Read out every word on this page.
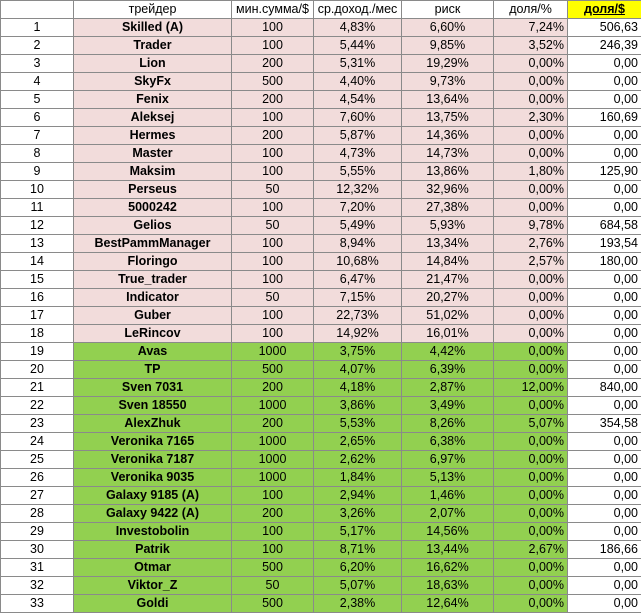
	трейдер	мин.сумма/$	ср.доход./мес	риск	доля/%	доля/$
1	Skilled (A)	100	4,83%	6,60%	7,24%	506,63
2	Trader	100	5,44%	9,85%	3,52%	246,39
3	Lion	200	5,31%	19,29%	0,00%	0,00
4	SkyFx	500	4,40%	9,73%	0,00%	0,00
5	Fenix	200	4,54%	13,64%	0,00%	0,00
6	Aleksej	100	7,60%	13,75%	2,30%	160,69
7	Hermes	200	5,87%	14,36%	0,00%	0,00
8	Master	100	4,73%	14,73%	0,00%	0,00
9	Maksim	100	5,55%	13,86%	1,80%	125,90
10	Perseus	50	12,32%	32,96%	0,00%	0,00
11	5000242	100	7,20%	27,38%	0,00%	0,00
12	Gelios	50	5,49%	5,93%	9,78%	684,58
13	BestPammManager	100	8,94%	13,34%	2,76%	193,54
14	Floringo	100	10,68%	14,84%	2,57%	180,00
15	True_trader	100	6,47%	21,47%	0,00%	0,00
16	Indicator	50	7,15%	20,27%	0,00%	0,00
17	Guber	100	22,73%	51,02%	0,00%	0,00
18	LeRincov	100	14,92%	16,01%	0,00%	0,00
19	Avas	1000	3,75%	4,42%	0,00%	0,00
20	TP	500	4,07%	6,39%	0,00%	0,00
21	Sven 7031	200	4,18%	2,87%	12,00%	840,00
22	Sven 18550	1000	3,86%	3,49%	0,00%	0,00
23	AlexZhuk	200	5,53%	8,26%	5,07%	354,58
24	Veronika 7165	1000	2,65%	6,38%	0,00%	0,00
25	Veronika 7187	1000	2,62%	6,97%	0,00%	0,00
26	Veronika 9035	1000	1,84%	5,13%	0,00%	0,00
27	Galaxy 9185 (A)	100	2,94%	1,46%	0,00%	0,00
28	Galaxy 9422 (A)	200	3,26%	2,07%	0,00%	0,00
29	Investobolin	100	5,17%	14,56%	0,00%	0,00
30	Patrik	100	8,71%	13,44%	2,67%	186,66
31	Otmar	500	6,20%	16,62%	0,00%	0,00
32	Viktor_Z	50	5,07%	18,63%	0,00%	0,00
33	Goldi	500	2,38%	12,64%	0,00%	0,00
